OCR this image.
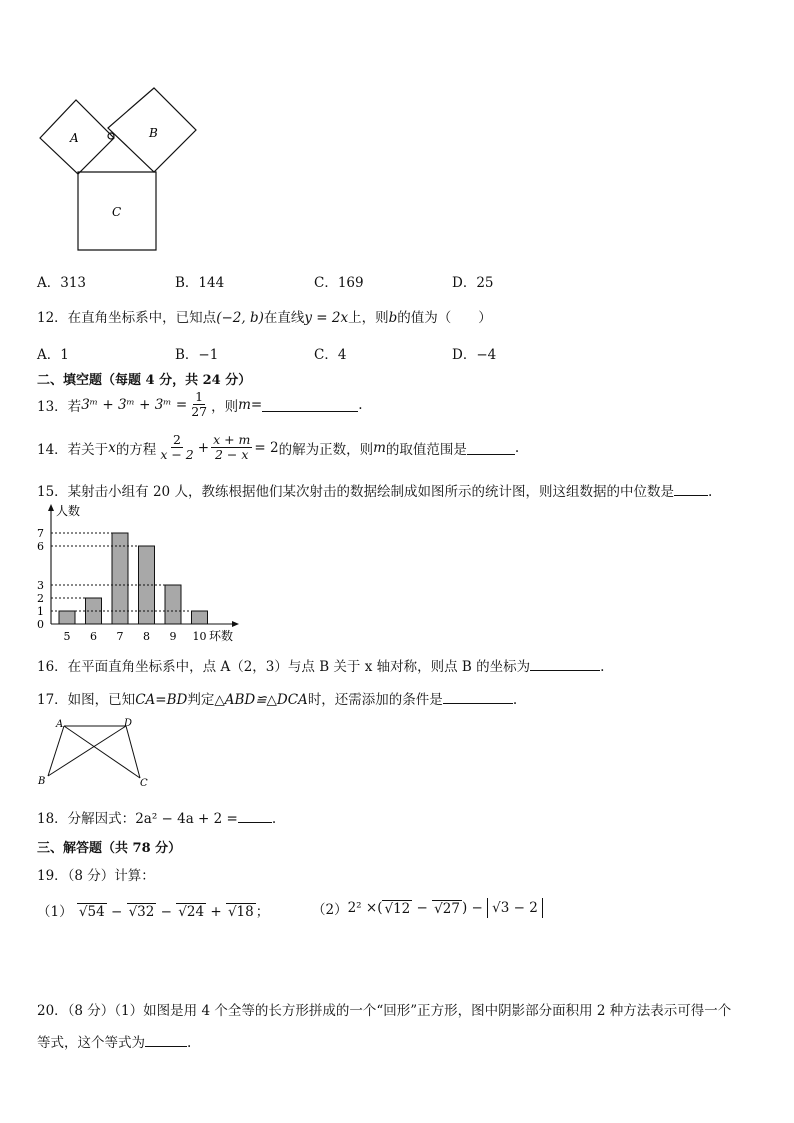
A	B
C
A．313	B．144	C．169	D．25
12．在直角坐标系中，已知点(−2, b)在直线y = 2x上，则b的值为（　　）
A．1	B．−1	C．4	D．−4
二、填空题（每题 4 分，共 24 分）
13．若 3ᵐ + 3ᵐ + 3ᵐ = $\frac{1}{27}$ ，则 m =	.
14．若关于 x 的方程 $\frac{2}{x - 2} + \frac{x + m}{2 - x} = 2$ 的解为正数，则 m 的取值范围是	.
15．某射击小组有 20 人，教练根据他们某次射击的数据绘制成如图所示的统计图，则这组数据的中位数是	.
人数
环数
0
1
2
3
6
7
5 6 7 8 9 10
16．在平面直角坐标系中，点 A（2，3）与点 B 关于 x 轴对称，则点 B 的坐标为	.
17．如图，已知CA=BD判定△ABD≌△DCA时，还需添加的条件是	.
A	D
B	C
18．分解因式：2a² − 4a + 2 =	.
三、解答题（共 78 分）
19．（8 分）计算：
（1） √54 − √32 − √24 + √18 ；	（2） 2² × ( √12 − √27 ) − √3 − 2
20．（8 分）（1）如图是用 4 个全等的长方形拼成的一个“回形”正方形，图中阴影部分面积用 2 种方法表示可得一个
等式，这个等式为	.
